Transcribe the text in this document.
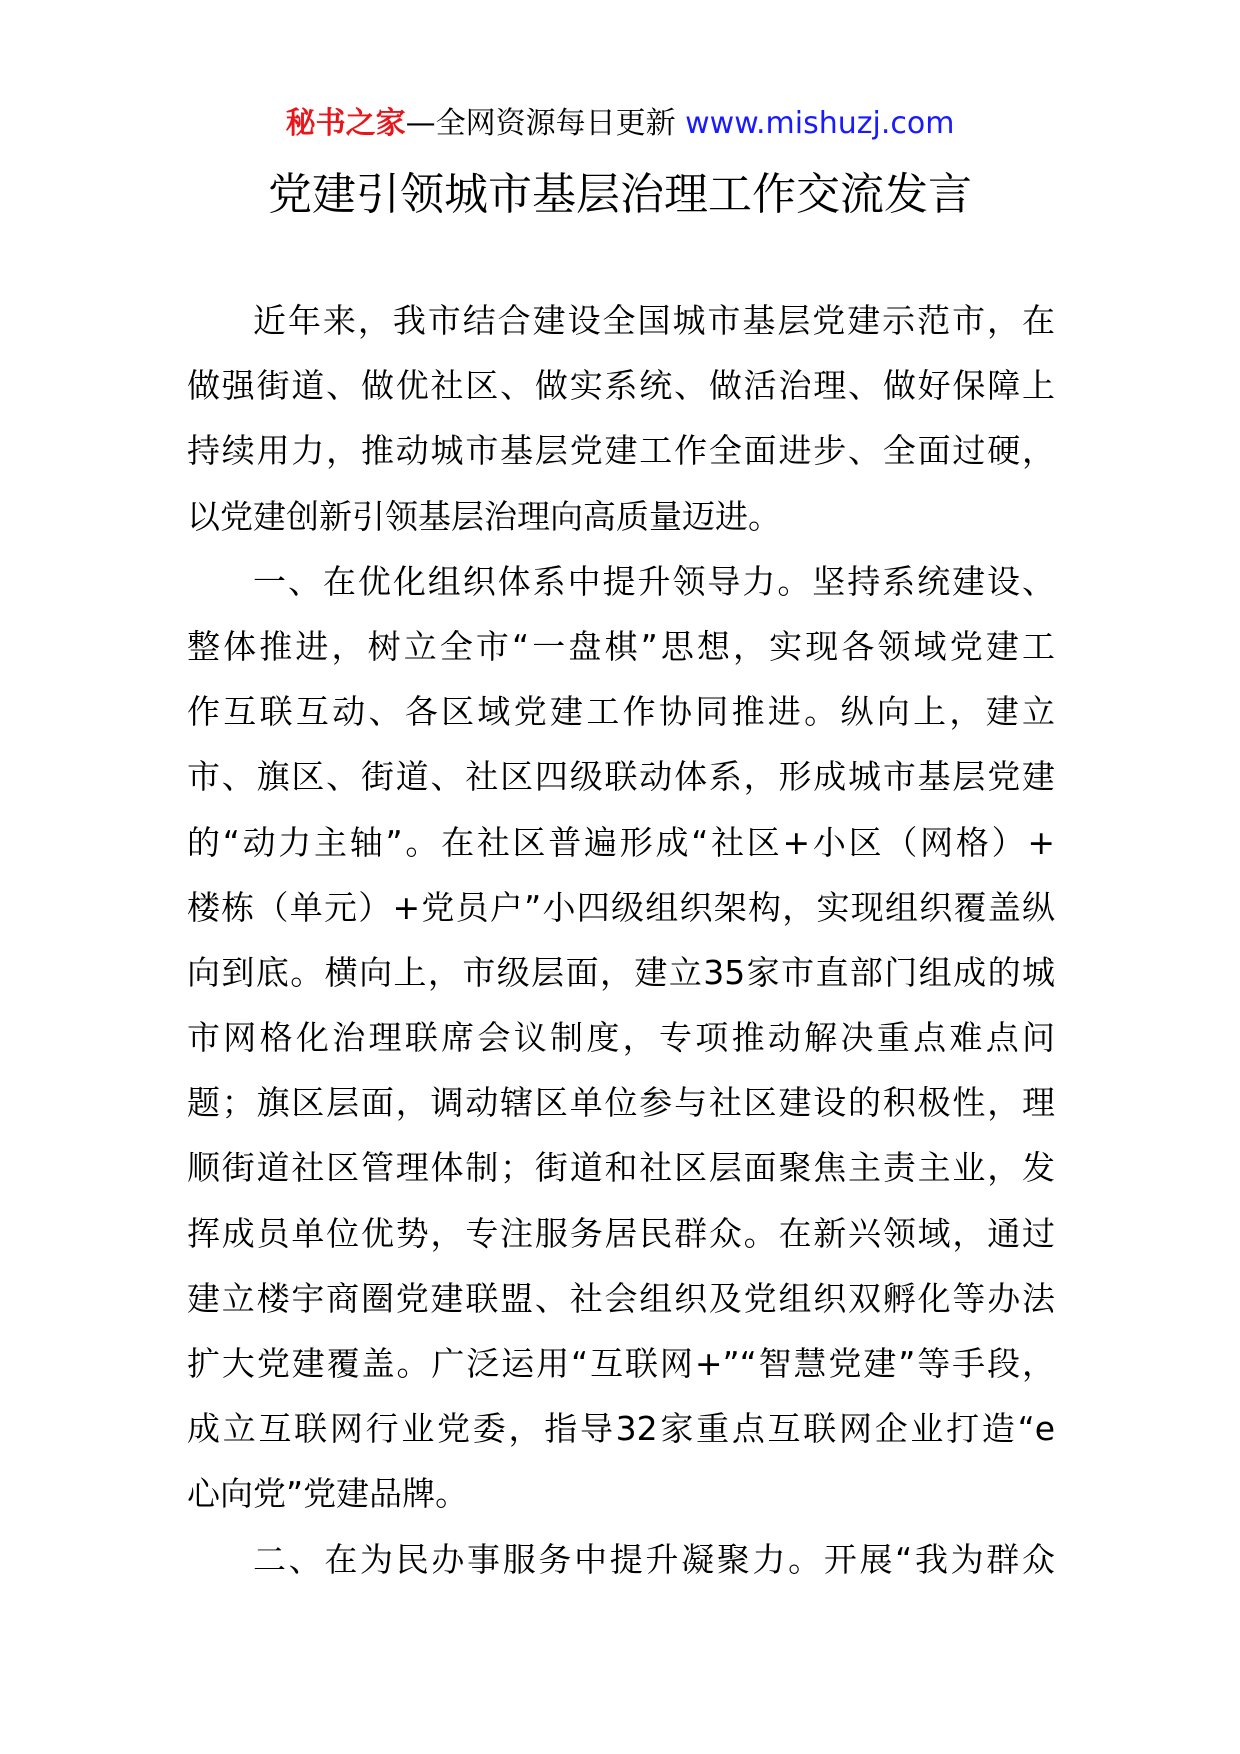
秘书之家—全网资源每日更新 www.mishuzj.com
党建引领城市基层治理工作交流发言
近年来，我市结合建设全国城市基层党建示范市，在
做强街道、做优社区、做实系统、做活治理、做好保障上
持续用力，推动城市基层党建工作全面进步、全面过硬，
以党建创新引领基层治理向高质量迈进。
一、在优化组织体系中提升领导力。坚持系统建设、
整体推进，树立全市“一盘棋”思想，实现各领域党建工
作互联互动、各区域党建工作协同推进。纵向上，建立
市、旗区、街道、社区四级联动体系，形成城市基层党建
的“动力主轴”。在社区普遍形成“社区+小区（网格）+
楼栋（单元）+党员户”小四级组织架构，实现组织覆盖纵
向到底。横向上，市级层面，建立35家市直部门组成的城
市网格化治理联席会议制度，专项推动解决重点难点问
题；旗区层面，调动辖区单位参与社区建设的积极性，理
顺街道社区管理体制；街道和社区层面聚焦主责主业，发
挥成员单位优势，专注服务居民群众。在新兴领域，通过
建立楼宇商圈党建联盟、社会组织及党组织双孵化等办法
扩大党建覆盖。广泛运用“互联网+”“智慧党建”等手段，
成立互联网行业党委，指导32家重点互联网企业打造“e
心向党”党建品牌。
二、在为民办事服务中提升凝聚力。开展“我为群众
